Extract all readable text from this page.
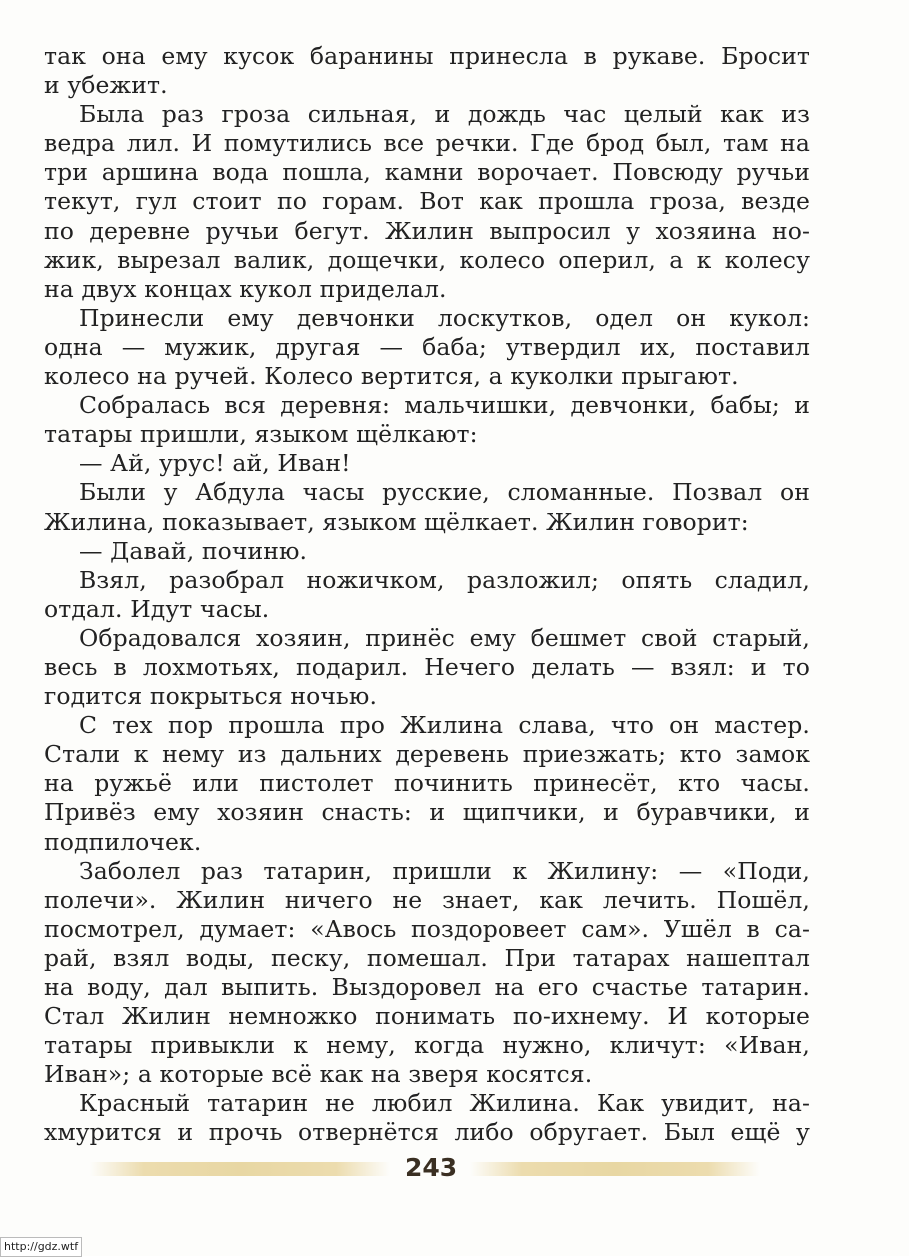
так она ему кусок баранины принесла в рукаве. Бросит
и убежит.
Была раз гроза сильная, и дождь час целый как из
ведра лил. И помутились все речки. Где брод был, там на
три аршина вода пошла, камни ворочает. Повсюду ручьи
текут, гул стоит по горам. Вот как прошла гроза, везде
по деревне ручьи бегут. Жилин выпросил у хозяина но-
жик, вырезал валик, дощечки, колесо оперил, а к колесу
на двух концах кукол приделал.
Принесли ему девчонки лоскутков, одел он кукол:
одна — мужик, другая — баба; утвердил их, поставил
колесо на ручей. Колесо вертится, а куколки прыгают.
Собралась вся деревня: мальчишки, девчонки, бабы; и
татары пришли, языком щёлкают:
— Ай, урус! ай, Иван!
Были у Абдула часы русские, сломанные. Позвал он
Жилина, показывает, языком щёлкает. Жилин говорит:
— Давай, починю.
Взял, разобрал ножичком, разложил; опять сладил,
отдал. Идут часы.
Обрадовался хозяин, принёс ему бешмет свой старый,
весь в лохмотьях, подарил. Нечего делать — взял: и то
годится покрыться ночью.
С тех пор прошла про Жилина слава, что он мастер.
Стали к нему из дальних деревень приезжать; кто замок
на ружьё или пистолет починить принесёт, кто часы.
Привёз ему хозяин снасть: и щипчики, и буравчики, и
подпилочек.
Заболел раз татарин, пришли к Жилину: — «Поди,
полечи». Жилин ничего не знает, как лечить. Пошёл,
посмотрел, думает: «Авось поздоровеет сам». Ушёл в са-
рай, взял воды, песку, помешал. При татарах нашептал
на воду, дал выпить. Выздоровел на его счастье татарин.
Стал Жилин немножко понимать по-ихнему. И которые
татары привыкли к нему, когда нужно, кличут: «Иван,
Иван»; а которые всё как на зверя косятся.
Красный татарин не любил Жилина. Как увидит, на-
хмурится и прочь отвернётся либо обругает. Был ещё у
243
http://gdz.wtf
